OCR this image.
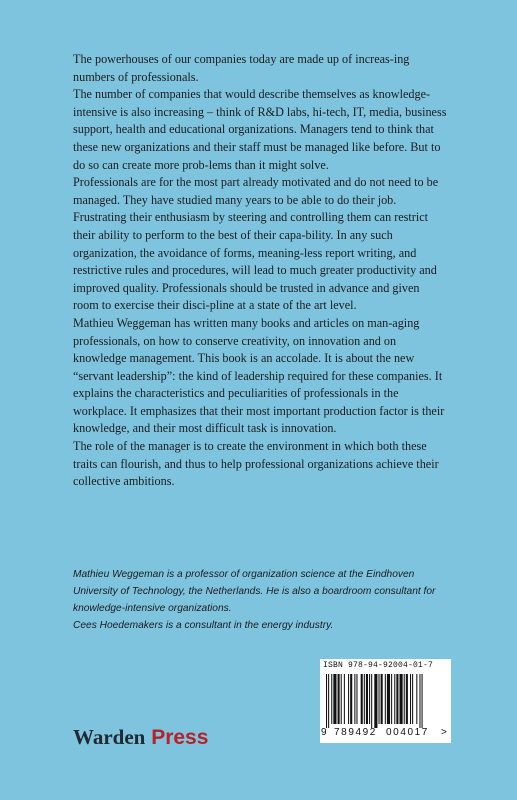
The powerhouses of our companies today are made up of increas-ing numbers of professionals.

The number of companies that would describe themselves as knowledge-intensive is also increasing – think of R&D labs, hi-tech, IT, media, business support, health and educational organizations. Managers tend to think that these new organizations and their staff must be managed like before. But to do so can create more prob-lems than it might solve.

Professionals are for the most part already motivated and do not need to be managed. They have studied many years to be able to do their job. Frustrating their enthusiasm by steering and controlling them can restrict their ability to perform to the best of their capa-bility. In any such organization, the avoidance of forms, meaning-less report writing, and restrictive rules and procedures, will lead to much greater productivity and improved quality. Professionals should be trusted in advance and given room to exercise their disci-pline at a state of the art level.

Mathieu Weggeman has written many books and articles on man-aging professionals, on how to conserve creativity, on innovation and on knowledge management. This book is an accolade. It is about the new “servant leadership”: the kind of leadership required for these companies. It explains the characteristics and peculiarities of professionals in the workplace. It emphasizes that their most important production factor is their knowledge, and their most difficult task is innovation.

The role of the manager is to create the environment in which both these traits can flourish, and thus to help professional organizations achieve their collective ambitions.

Mathieu Weggeman is a professor of organization science at the Eindhoven University of Technology, the Netherlands. He is also a boardroom consultant for knowledge-intensive organizations.

Cees Hoedemakers is a consultant in the energy industry.

ISBN 978-94-92004-01-7
9 789492 004017 >
Warden Press
